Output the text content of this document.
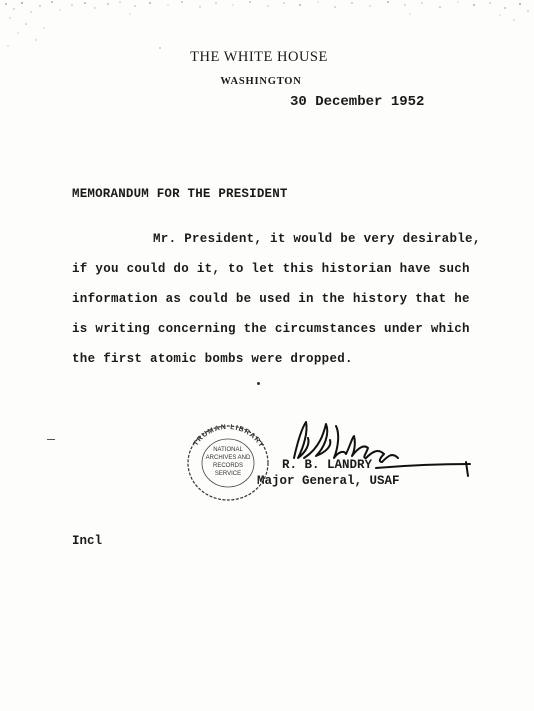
THE WHITE HOUSE
WASHINGTON
30 December 1952
MEMORANDUM FOR THE PRESIDENT
Mr. President, it would be very desirable,
if you could do it, to let this historian have such
information as could be used in the history that he
is writing concerning the circumstances under which
the first atomic bombs were dropped.
TRUMAN LIBRARY
NATIONAL
ARCHIVES AND
RECORDS
SERVICE
R. B. LANDRY
Major General, USAF
Incl
